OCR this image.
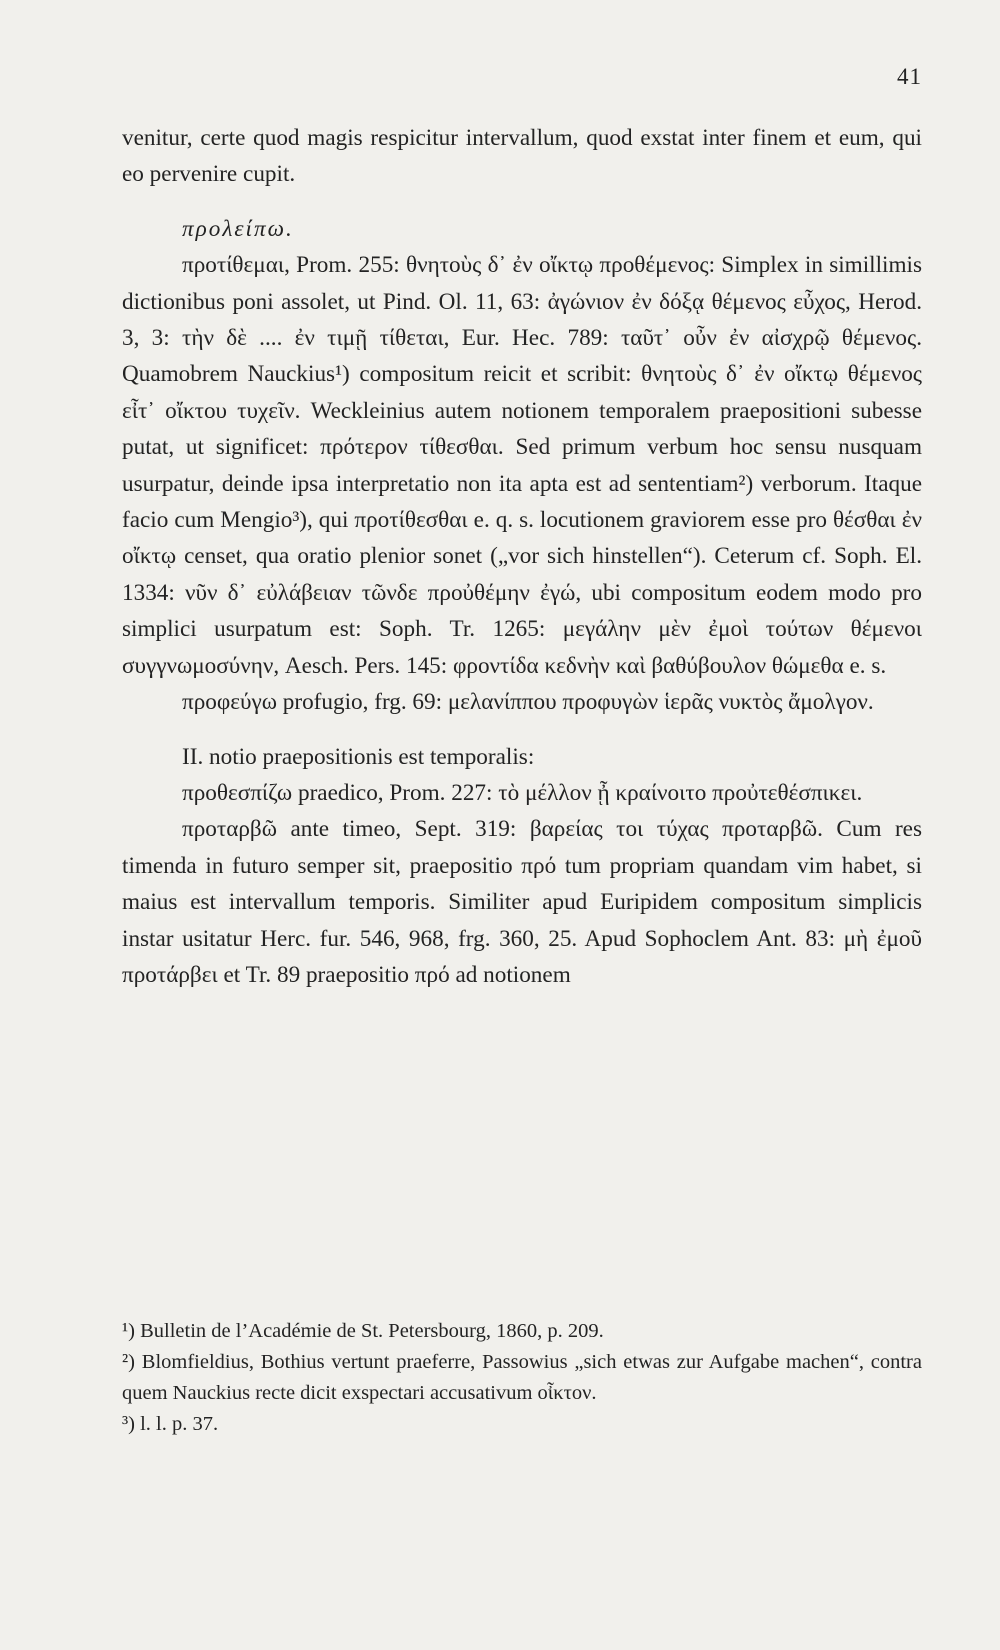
41

venitur, certe quod magis respicitur intervallum, quod exstat inter finem et eum, qui eo pervenire cupit.

προλείπω.

προτίθεμαι, Prom. 255: θνητοὺς δ᾽ ἐν οἴκτῳ προθέμενος: Simplex in simillimis dictionibus poni assolet, ut Pind. Ol. 11, 63: ἀγώνιον ἐν δόξᾳ θέμενος εὖχος, Herod. 3, 3: τὴν δὲ .... ἐν τιμῇ τίθεται, Eur. Hec. 789: ταῦτ᾽ οὖν ἐν αἰσχρῷ θέμενος. Quamobrem Nauckius¹) compositum reicit et scribit: θνητοὺς δ᾽ ἐν οἴκτῳ θέμενος εἶτ᾽ οἴκτου τυχεῖν. Weckleinius autem notionem temporalem praepositioni subesse putat, ut significet: πρότερον τίθεσθαι. Sed primum verbum hoc sensu nusquam usurpatur, deinde ipsa interpretatio non ita apta est ad sententiam²) verborum. Itaque facio cum Mengio³), qui προτίθεσθαι e. q. s. locutionem graviorem esse pro θέσθαι ἐν οἴκτῳ censet, qua oratio plenior sonet („vor sich hinstellen“). Ceterum cf. Soph. El. 1334: νῦν δ᾽ εὐλάβειαν τῶνδε προὐθέμην ἐγώ, ubi compositum eodem modo pro simplici usurpatum est: Soph. Tr. 1265: μεγάλην μὲν ἐμοὶ τούτων θέμενοι συγγνωμοσύνην, Aesch. Pers. 145: φροντίδα κεδνὴν καὶ βαθύβουλον θώμεθα e. s.

προφεύγω profugio, frg. 69: μελανίππου προφυγὼν ἱερᾶς νυκτὸς ἄμολγον.

II. notio praepositionis est temporalis:

προθεσπίζω praedico, Prom. 227: τὸ μέλλον ᾖ κραίνοιτο προὐτεθέσπικει.

προταρβῶ ante timeo, Sept. 319: βαρείας τοι τύχας προταρβῶ. Cum res timenda in futuro semper sit, praepositio πρό tum propriam quandam vim habet, si maius est intervallum temporis. Similiter apud Euripidem compositum simplicis instar usitatur Herc. fur. 546, 968, frg. 360, 25. Apud Sophoclem Ant. 83: μὴ ἐμοῦ προτάρβει et Tr. 89 praepositio πρό ad notionem

¹) Bulletin de l’Académie de St. Petersbourg, 1860, p. 209.

²) Blomfieldius, Bothius vertunt praeferre, Passowius „sich etwas zur Aufgabe machen“, contra quem Nauckius recte dicit exspectari accusativum οἶκτον.

³) l. l. p. 37.
